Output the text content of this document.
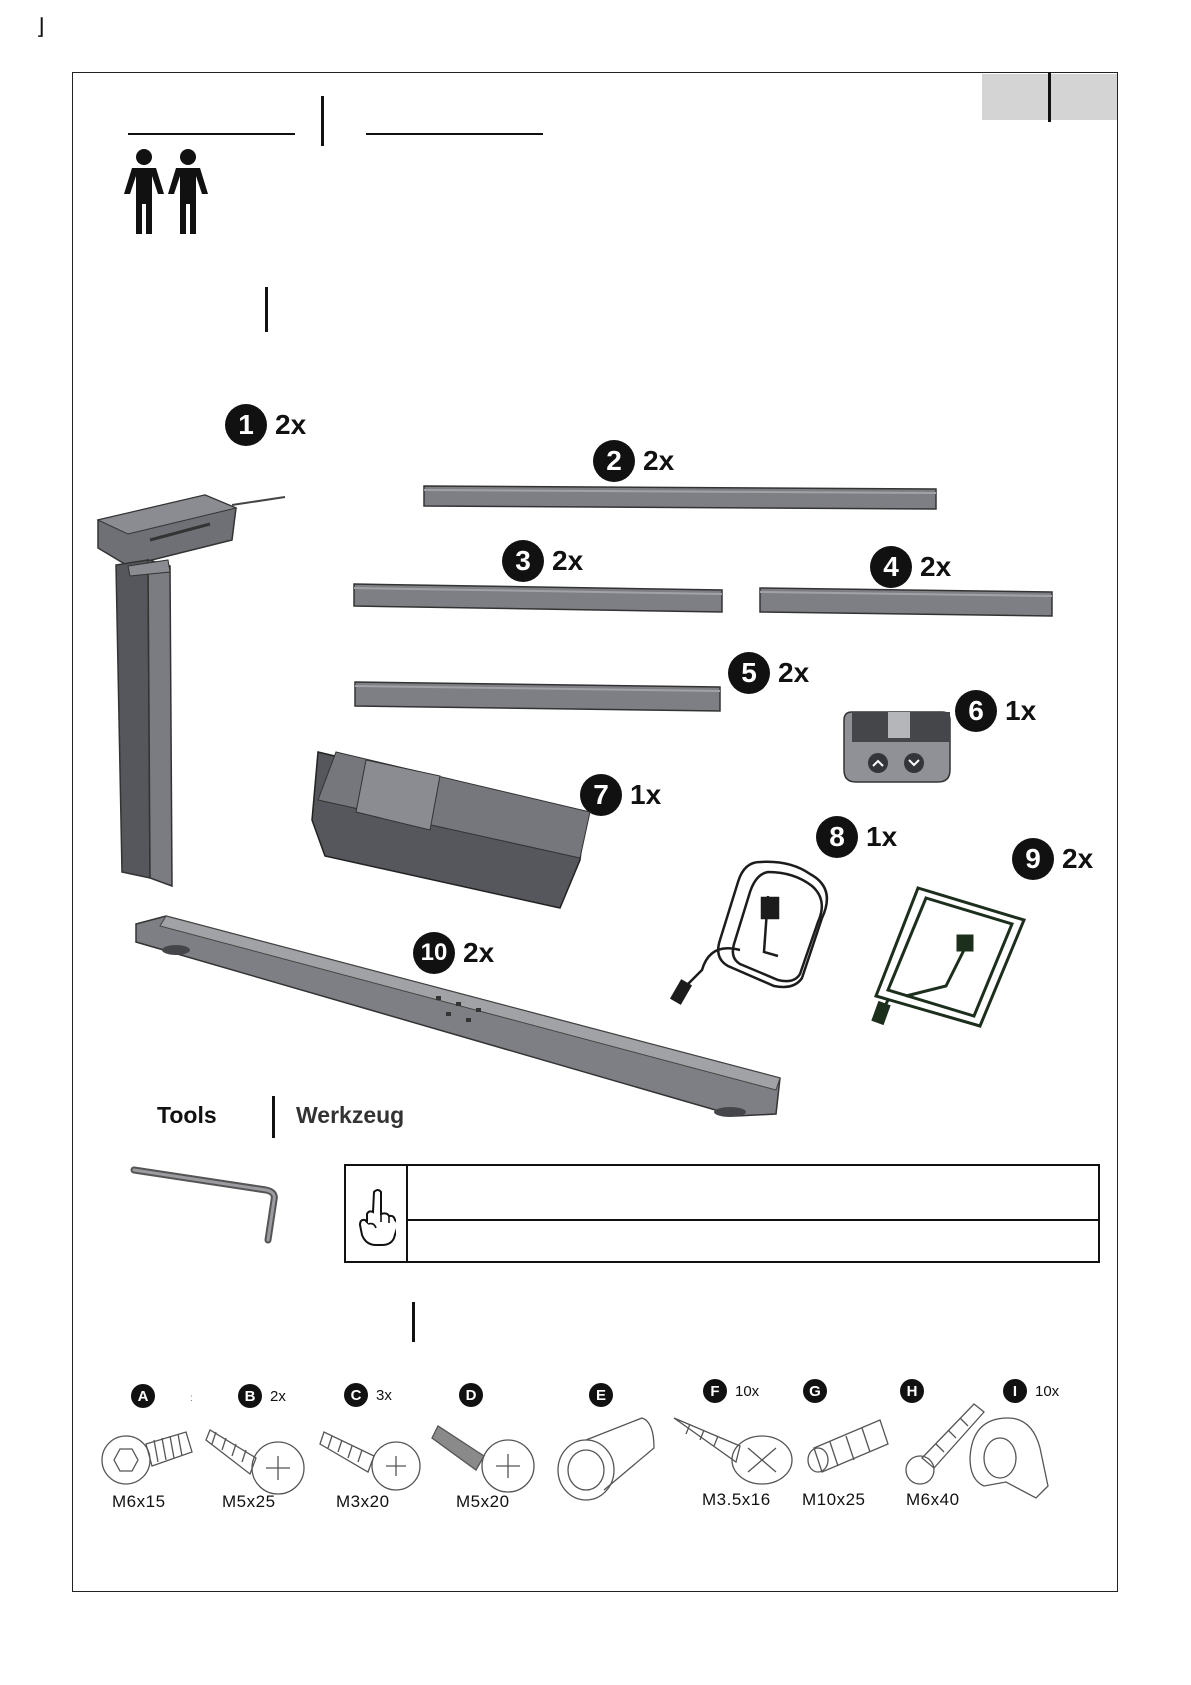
⌋
1 2x
2 2x
3 2x	4 2x
5 2x
6 1x
7 1x
8 1x
9 2x
10 2x
Tools	Werkzeug
A	B 2x	C 3x	D	E	F	10x	G	H	I	10x
:
M6x15	M5x25	M3x20	M5x20	M3.5x16 M10x25 M6x40
